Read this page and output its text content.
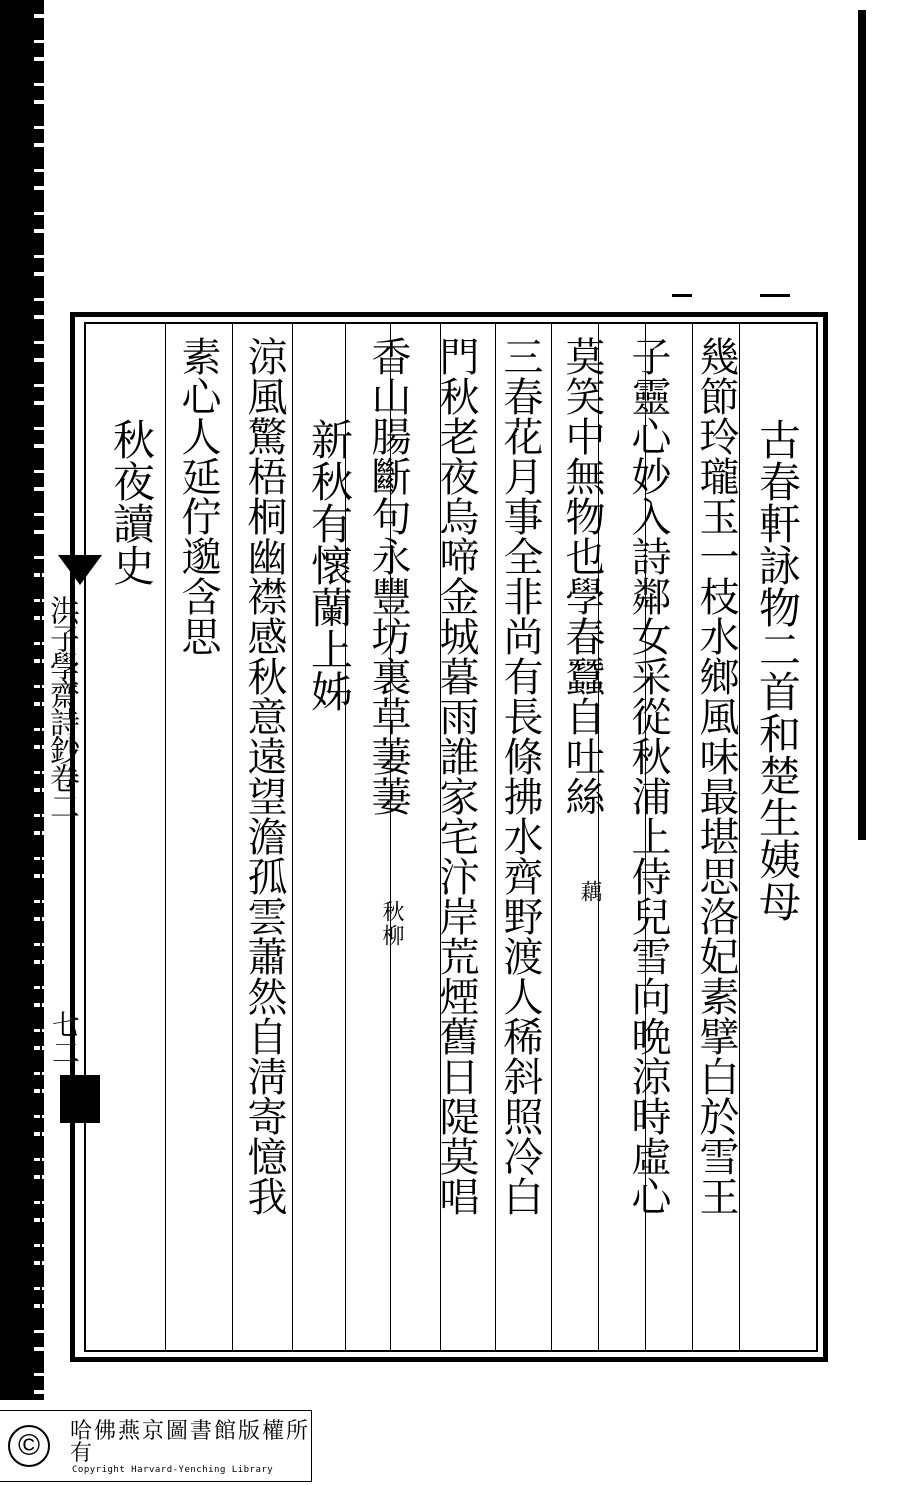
古春軒詠物二首和楚生姨母
幾節玲瓏玉一枝水鄉風味最堪思洛妃素擘白於雪王
子靈心妙入詩鄰女采從秋浦上侍兒雪向晩涼時虛心
莫笑中無物也學春蠶自吐絲
藕
三春花月事全非尚有長條拂水齊野渡人稀斜照冷白
門秋老夜烏啼金城暮雨誰家宅汴岸荒煙舊日隄莫唱
香山腸斷句永豐坊裏草萋萋
秋柳
新秋有懷蘭上姊
涼風驚梧桐幽襟感秋意遠望澹孤雲蕭然自淸寄憶我
素心人延佇邈含思
秋夜讀史
洪子學齋詩鈔卷二
七二
©	哈佛燕京圖書館版權所有
Copyright Harvard-Yenching Library
